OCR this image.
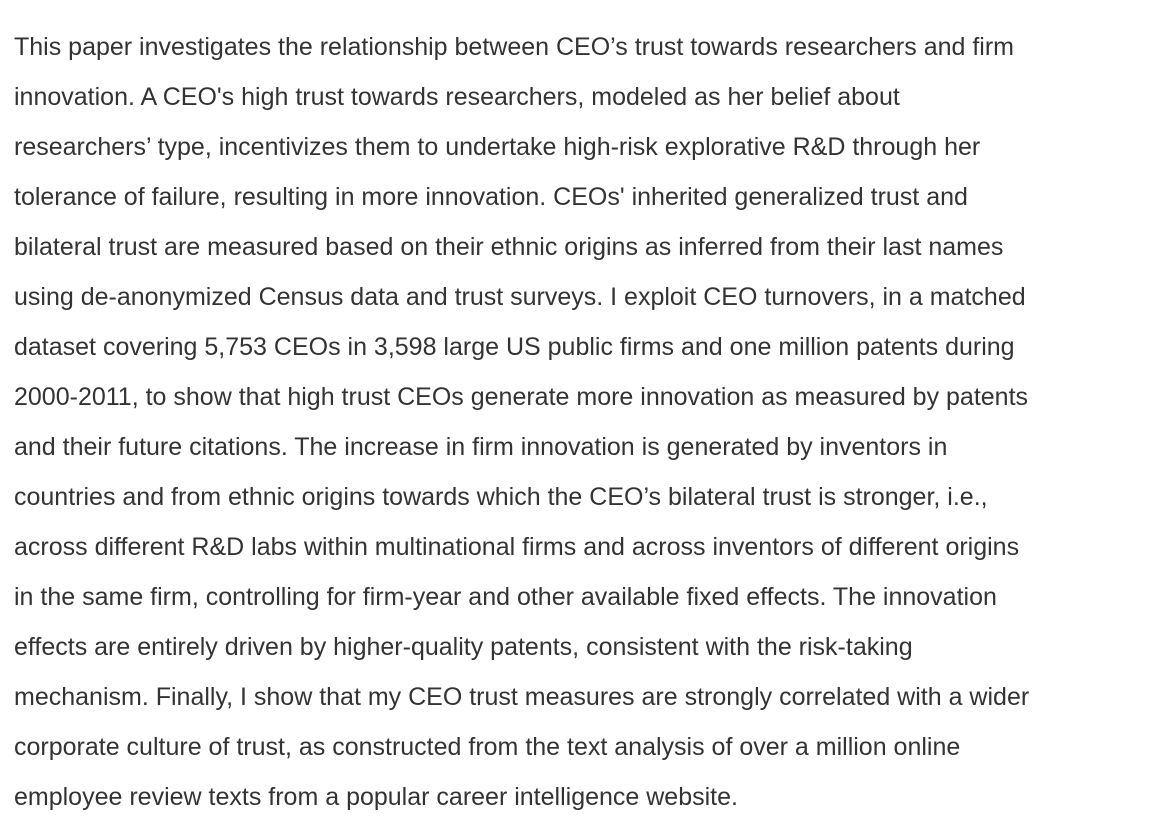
This paper investigates the relationship between CEO’s trust towards researchers and firm
innovation. A CEO's high trust towards researchers, modeled as her belief about
researchers’ type, incentivizes them to undertake high-risk explorative R&D through her
tolerance of failure, resulting in more innovation. CEOs' inherited generalized trust and
bilateral trust are measured based on their ethnic origins as inferred from their last names
using de-anonymized Census data and trust surveys. I exploit CEO turnovers, in a matched
dataset covering 5,753 CEOs in 3,598 large US public firms and one million patents during
2000-2011, to show that high trust CEOs generate more innovation as measured by patents
and their future citations. The increase in firm innovation is generated by inventors in
countries and from ethnic origins towards which the CEO’s bilateral trust is stronger, i.e.,
across different R&D labs within multinational firms and across inventors of different origins
in the same firm, controlling for firm-year and other available fixed effects. The innovation
effects are entirely driven by higher-quality patents, consistent with the risk-taking
mechanism. Finally, I show that my CEO trust measures are strongly correlated with a wider
corporate culture of trust, as constructed from the text analysis of over a million online
employee review texts from a popular career intelligence website.
